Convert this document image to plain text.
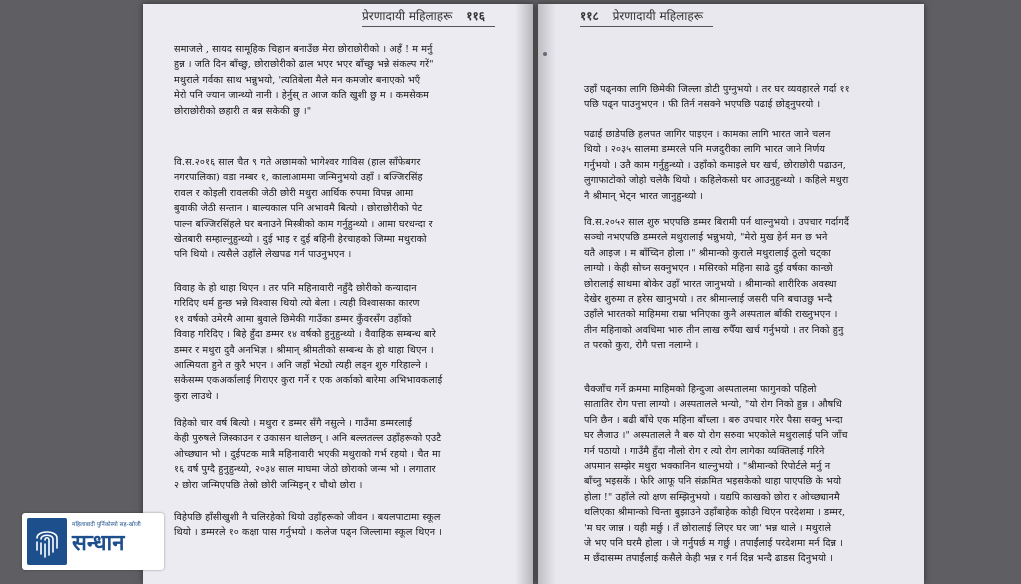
प्रेरणादायी महिलाहरू ११६
समाजले , सायद सामूहिक चिहान बनाउँछ मेरा छोराछोरीको । अहँ ! म मर्नु
हुन्न । जति दिन बाँच्छु, छोराछोरीको ढाल भएर भएर बाँच्छु भन्ने संकल्प गरें"
मथुराले गर्वका साथ भन्नुभयो, 'त्यतिबेला मैले मन कमजोर बनाएको भएँ
मेरो पनि ज्यान जान्थ्यो नानी । हेर्नुस् त आज कति खुशी छु म । कमसेकम
छोराछोरीको छहारी त बन्न सकेकी छु ।"
वि.स.२०१६ साल चैत ९ गते अछामको भागेश्वर गाविस (हाल साँफेबगर
नगरपालिका) वडा नम्बर १, कालाआममा जन्मिनुभयो उहाँ । बज्जिरसिंह
रावल र कोइली रावलकी जेठी छोरी मथुरा आर्थिक रुपमा विपन्न आमा
बुवाकी जेठी सन्तान । बाल्यकाल पनि अभावमै बित्यो । छोराछोरीको पेट
पाल्न बज्जिरसिंहले घर बनाउने मिस्त्रीको काम गर्नुहुन्थ्यो । आमा घरधन्दा र
खेतबारी सम्हाल्नुहुन्थ्यो । दुई भाइ र दुई बहिनी हेरचाहको जिम्मा मथुराको
पनि थियो । त्यसैले उहाँले लेखपढ गर्न पाउनुभएन ।
विवाह के हो थाहा थिएन । तर पनि महिनावारी नहुँदै छोरीको कन्यादान
गरिदिए धर्म हुन्छ भन्ने विश्वास थियो त्यो बेला । त्यही विश्वासका कारण
११ वर्षको उमेरमै आमा बुवाले छिमेकी गाउँका डम्मर कुँवरसँग उहाँको
विवाह गरिदिए । बिहे हुँदा डम्मर १४ वर्षको हुनुहुन्थ्यो । वैवाहिक सम्बन्ध बारे
डम्मर र मथुरा दुवै अनभिज्ञ । श्रीमान् श्रीमतीको सम्बन्ध के हो थाहा थिएन ।
आत्मियता हुने त कुरै भएन । अनि जहाँ भेट्यो त्यही लड्न शुरु गरिहाल्ने ।
सकेसम्म एकअर्कालाई गिराएर कुरा गर्ने र एक अर्काको बारेमा अभिभावकलाई
कुरा लाउथे ।
विहेको चार वर्ष बित्यो । मथुरा र डम्मर सँगै नसुत्ने । गाउँमा डम्मरलाई
केही पुरुषले जिस्काउन र उकासन थालेछन् । अनि बल्लतल्ल उहाँहरूको एउटै
ओच्छ्यान भो । दुईपटक मात्रै महिनावारी भएकी मथुराको गर्भ रहयो । चैत मा
१६ वर्ष पुग्दै हुनुहुन्थ्यो, २०३४ साल माघमा जेठो छोराको जन्म भो । लगातार
२ छोरा जन्मिएपछि तेस्रो छोरी जन्मिइन् र चौथो छोरा ।
विहेपछि हाँसीखुशी नै चलिरहेको थियो उहाँहरूको जीवन । बयलपाटामा स्कूल
थियो । डम्मरले १० कक्षा पास गर्नुभयो । कलेज पढ्न जिल्लामा स्कूल थिएन ।
११८ प्रेरणादायी महिलाहरू
उहाँ पढ्नका लागि छिमेकी जिल्ला डोटी पुग्नुभयो । तर घर व्यवहारले गर्दा ११
पछि पढ्न पाउनुभएन । फी तिर्न नसक्ने भएपछि पढाई छोड्नुपरयो ।
पढाई छाडेपछि हलपत जागिर पाइएन । कामका लागि भारत जाने चलन
थियो । २०३५ सालमा डम्मरले पनि मजदुरीका लागि भारत जाने निर्णय
गर्नुभयो । उतै काम गर्नुहुन्थ्यो । उहाँको कमाइले घर खर्च, छोराछोरी पढाउन,
लुगाफाटोको जोहो चलेकै थियो । कहिलेकसो घर आउनुहुन्थ्यो । कहिले मथुरा
नै श्रीमान् भेट्न भारत जानुहुन्थ्यो ।
वि.स.२०५२ साल शुरु भएपछि डम्मर बिरामी पर्न थाल्नुभयो । उपचार गर्दागर्दै
सञ्चो नभएपछि डम्मरले मथुरालाई भन्नुभयो, "मेरो मुख हेर्न मन छ भने
यतै आइज । म बाँच्दिन होला ।" श्रीमान्को कुराले मथुरालाई ठूलो चट्का
लाग्यो । केही सोच्न सक्नुभएन । मसिरको महिना साढे दुई वर्षका कान्छो
छोरालाई साथमा बोकेर उहाँ भारत जानुभयो । श्रीमान्को शारीरिक अवस्था
देखेर शुरुमा त हरेस खानुभयो । तर श्रीमान्लाई जसरी पनि बचाउछु भन्दै
उहाँले भारतको माहिममा राम्रा भनिएका कुनै अस्पताल बाँकी राख्नुभएन ।
तीन महिनाको अवधिमा भारु तीन लाख रुपैँया खर्च गर्नुभयो । तर निको हुनु
त परको कुरा, रोगै पत्ता नलाग्ने ।
चैक्जाँच गर्ने क्रममा माहिमको हिन्दुजा अस्पतालमा फागुनको पहिलो
सातातिर रोग पत्ता लाग्यो । अस्पतालले भन्यो, "यो रोग निको हुन्न । औषधि
पनि छैन । बढी बाँचे एक महिना बाँच्ला । बरु उपचार गरेर पैसा सक्नु भन्दा
घर लैजाउ ।" अस्पतालले नै बरु यो रोग सरुवा भएकोले मथुरालाई पनि जाँच
गर्न पठायो । गाउँमै हुँदा नौलो रोग र त्यो रोग लागेका व्यक्तिलाई गरिने
अपमान सम्झेर मथुरा भक्कानिन थाल्नुभयो । "श्रीमान्को रिपोर्टले मर्नु न
बाँच्नु भइसकें । फेरि आफू पनि संक्रमित भइसकेको थाहा पाएपछि के भयो
होला !" उहाँले त्यो क्षण सम्झिनुभयो । यद्यपि काखको छोरा र ओच्छ्यानमै
थलिएका श्रीमान्को चिन्ता बुझाउने उहाँबाहेक कोही थिएन परदेशमा । डम्मर,
'म घर जान्न । यही मर्छु । तँ छोरालाई लिएर घर जा' भन्न थाले । मथुराले
जे भए पनि घरमै होला । जे गर्नुपर्छ म गर्छु । तपाईंलाई परदेशमा मर्न दिन्न ।
म छँदासम्म तपाईंलाई कसैले केही भन्न र गर्न दिन्न भन्दै ढाडस दिनुभयो ।
महिलाबादी पुर्निकोस्यो सह-खोजी
सन्धान
